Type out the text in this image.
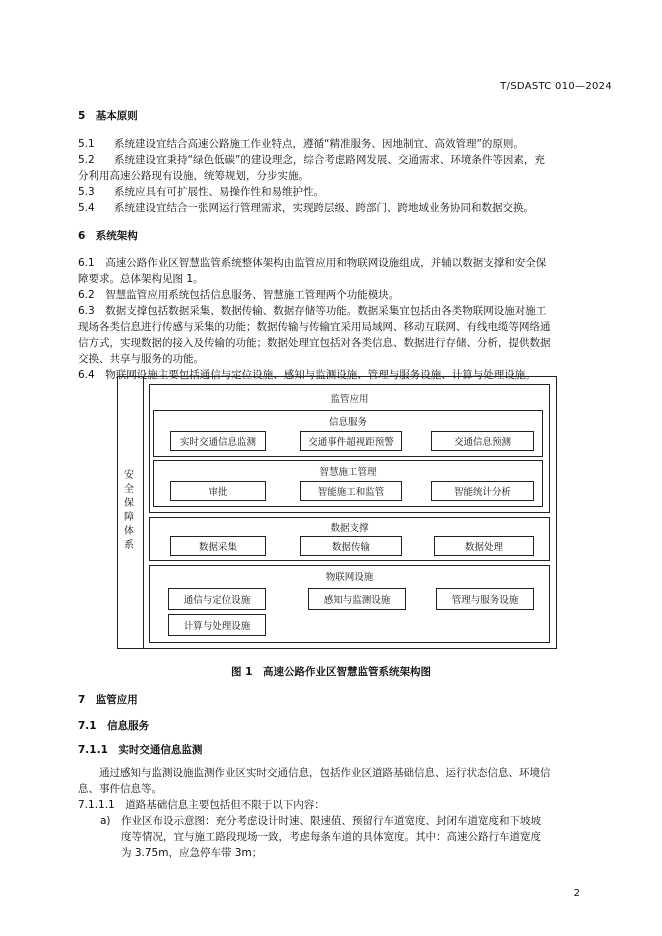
T/SDASTC 010—2024
5　基本原则
5.1 系统建设宜结合高速公路施工作业特点，遵循“精准服务、因地制宜、高效管理”的原则。
5.2 系统建设宜秉持“绿色低碳”的建设理念，综合考虑路网发展、交通需求、环境条件等因素，充
分利用高速公路现有设施，统筹规划，分步实施。
5.3 系统应具有可扩展性、易操作性和易维护性。
5.4 系统建设宜结合一张网运行管理需求，实现跨层级、跨部门、跨地域业务协同和数据交换。
6　系统架构
6.1　高速公路作业区智慧监管系统整体架构由监管应用和物联网设施组成，并辅以数据支撑和安全保
障要求。总体架构见图 1。
6.2　智慧监管应用系统包括信息服务、智慧施工管理两个功能模块。
6.3　数据支撑包括数据采集、数据传输、数据存储等功能。数据采集宜包括由各类物联网设施对施工
现场各类信息进行传感与采集的功能；数据传输与传输宜采用局域网、移动互联网、有线电缆等网络通
信方式，实现数据的接入及传输的功能；数据处理宜包括对各类信息、数据进行存储、分析，提供数据
交换、共享与服务的功能。
6.4　物联网设施主要包括通信与定位设施、感知与监测设施、管理与服务设施、计算与处理设施。
安
全
保
障
体
系
监管应用
信息服务
实时交通信息监测	交通事件超视距预警	交通信息预测
智慧施工管理
审批	智能施工和监管	智能统计分析
数据支撑
数据采集	数据传输	数据处理
物联网设施
通信与定位设施	感知与监测设施	管理与服务设施
计算与处理设施
图 1　高速公路作业区智慧监管系统架构图
7　监管应用
7.1　信息服务
7.1.1　实时交通信息监测
　　通过感知与监测设施监测作业区实时交通信息，包括作业区道路基础信息、运行状态信息、环境信
息、事件信息等。
7.1.1.1　道路基础信息主要包括但不限于以下内容：
a)　作业区布设示意图：充分考虑设计时速、限速值、预留行车道宽度、封闭车道宽度和下坡坡
　　度等情况，宜与施工路段现场一致，考虑每条车道的具体宽度。其中：高速公路行车道宽度
　　为 3.75m，应急停车带 3m；
2
